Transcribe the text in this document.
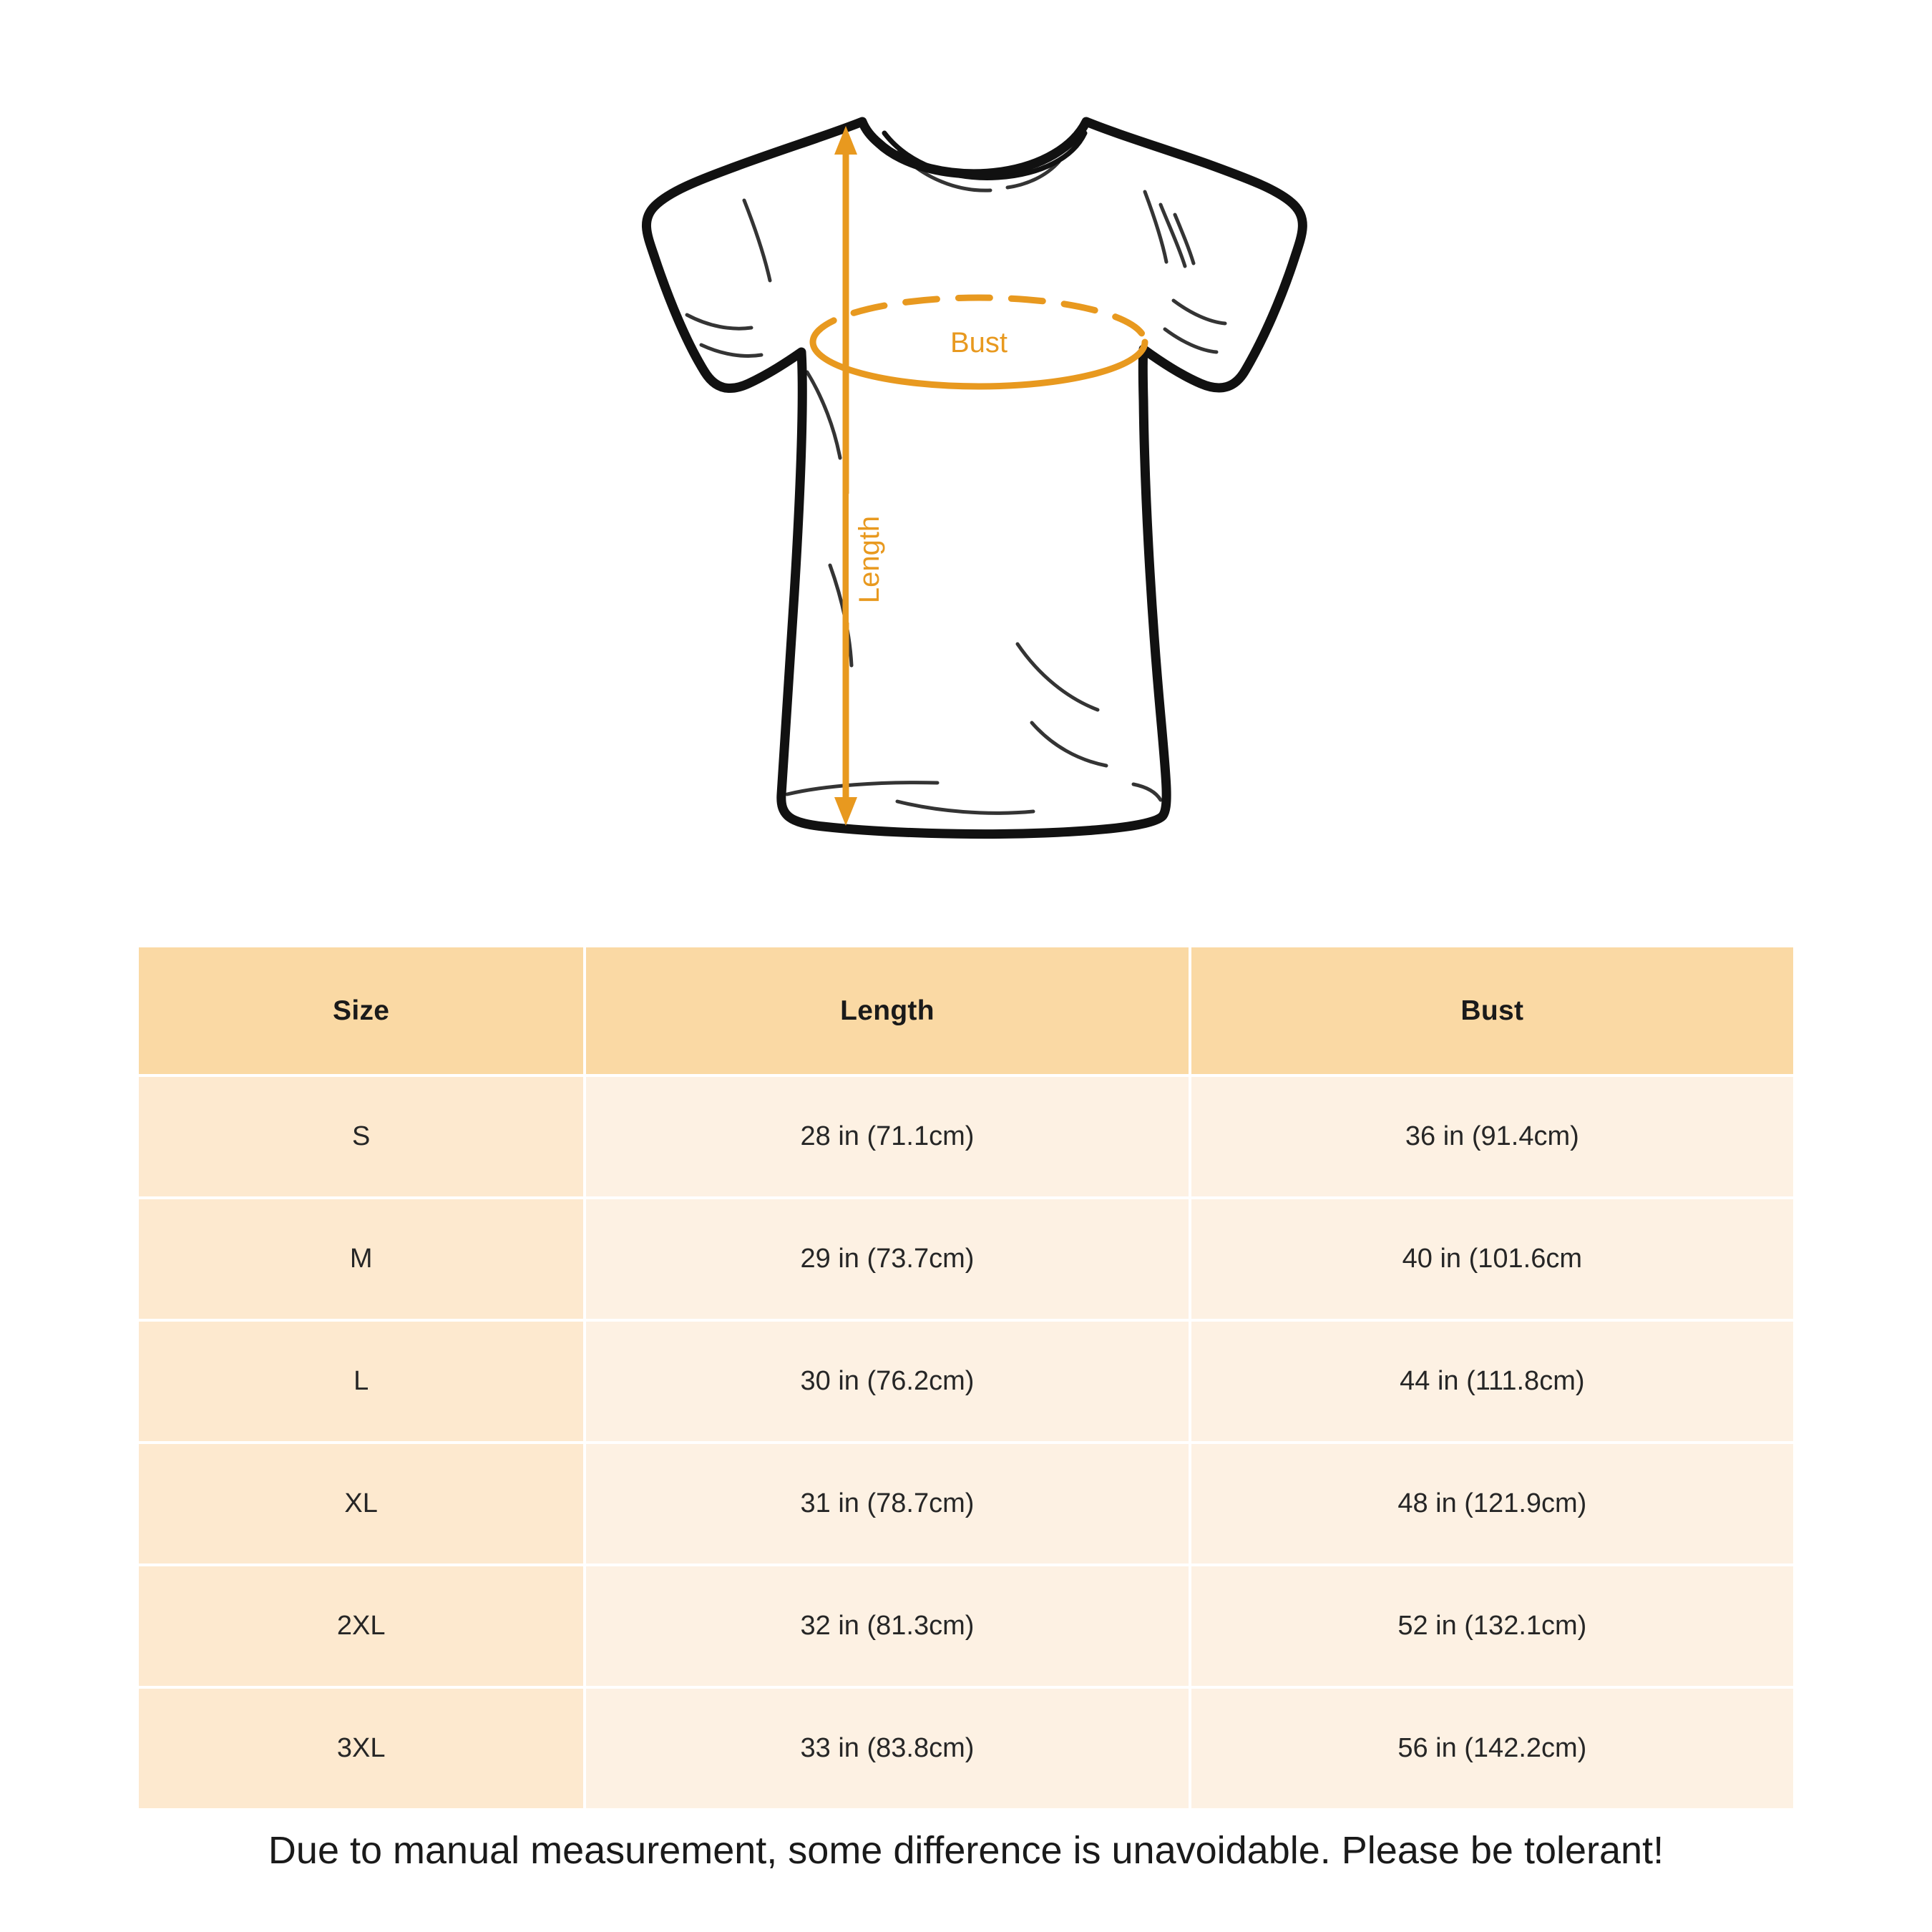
Bust
Length
Size	Length	Bust
S	28 in (71.1cm)	36 in (91.4cm)
M	29 in (73.7cm)	40 in (101.6cm
L	30 in (76.2cm)	44 in (111.8cm)
XL	31 in (78.7cm)	48 in (121.9cm)
2XL	32 in (81.3cm)	52 in (132.1cm)
3XL	33 in (83.8cm)	56 in (142.2cm)
Due to manual measurement, some difference is unavoidable. Please be tolerant!
